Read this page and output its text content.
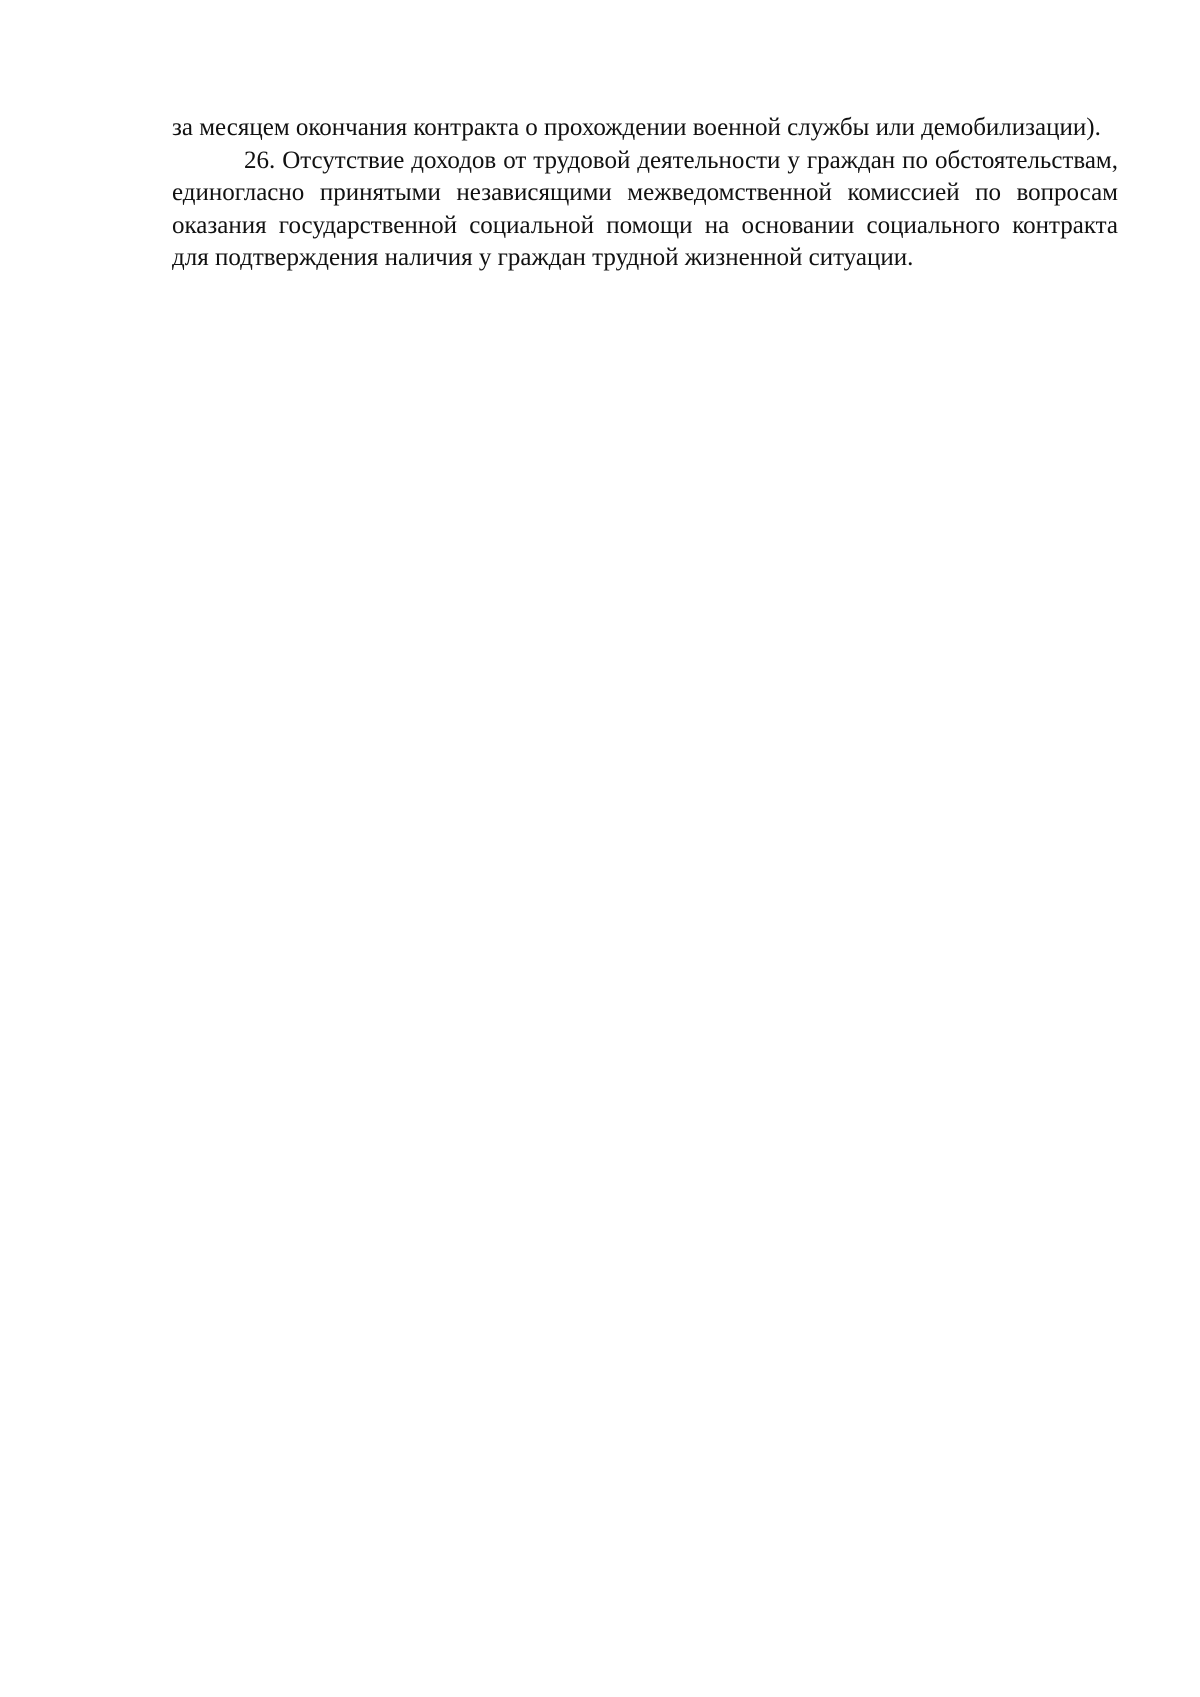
за месяцем окончания контракта о прохождении военной службы или демобилизации).

26. Отсутствие доходов от трудовой деятельности у граждан по обстоятельствам, единогласно принятыми независящими межведомственной комиссией по вопросам оказания государственной социальной помощи на основании социального контракта для подтверждения наличия у граждан трудной жизненной ситуации.
